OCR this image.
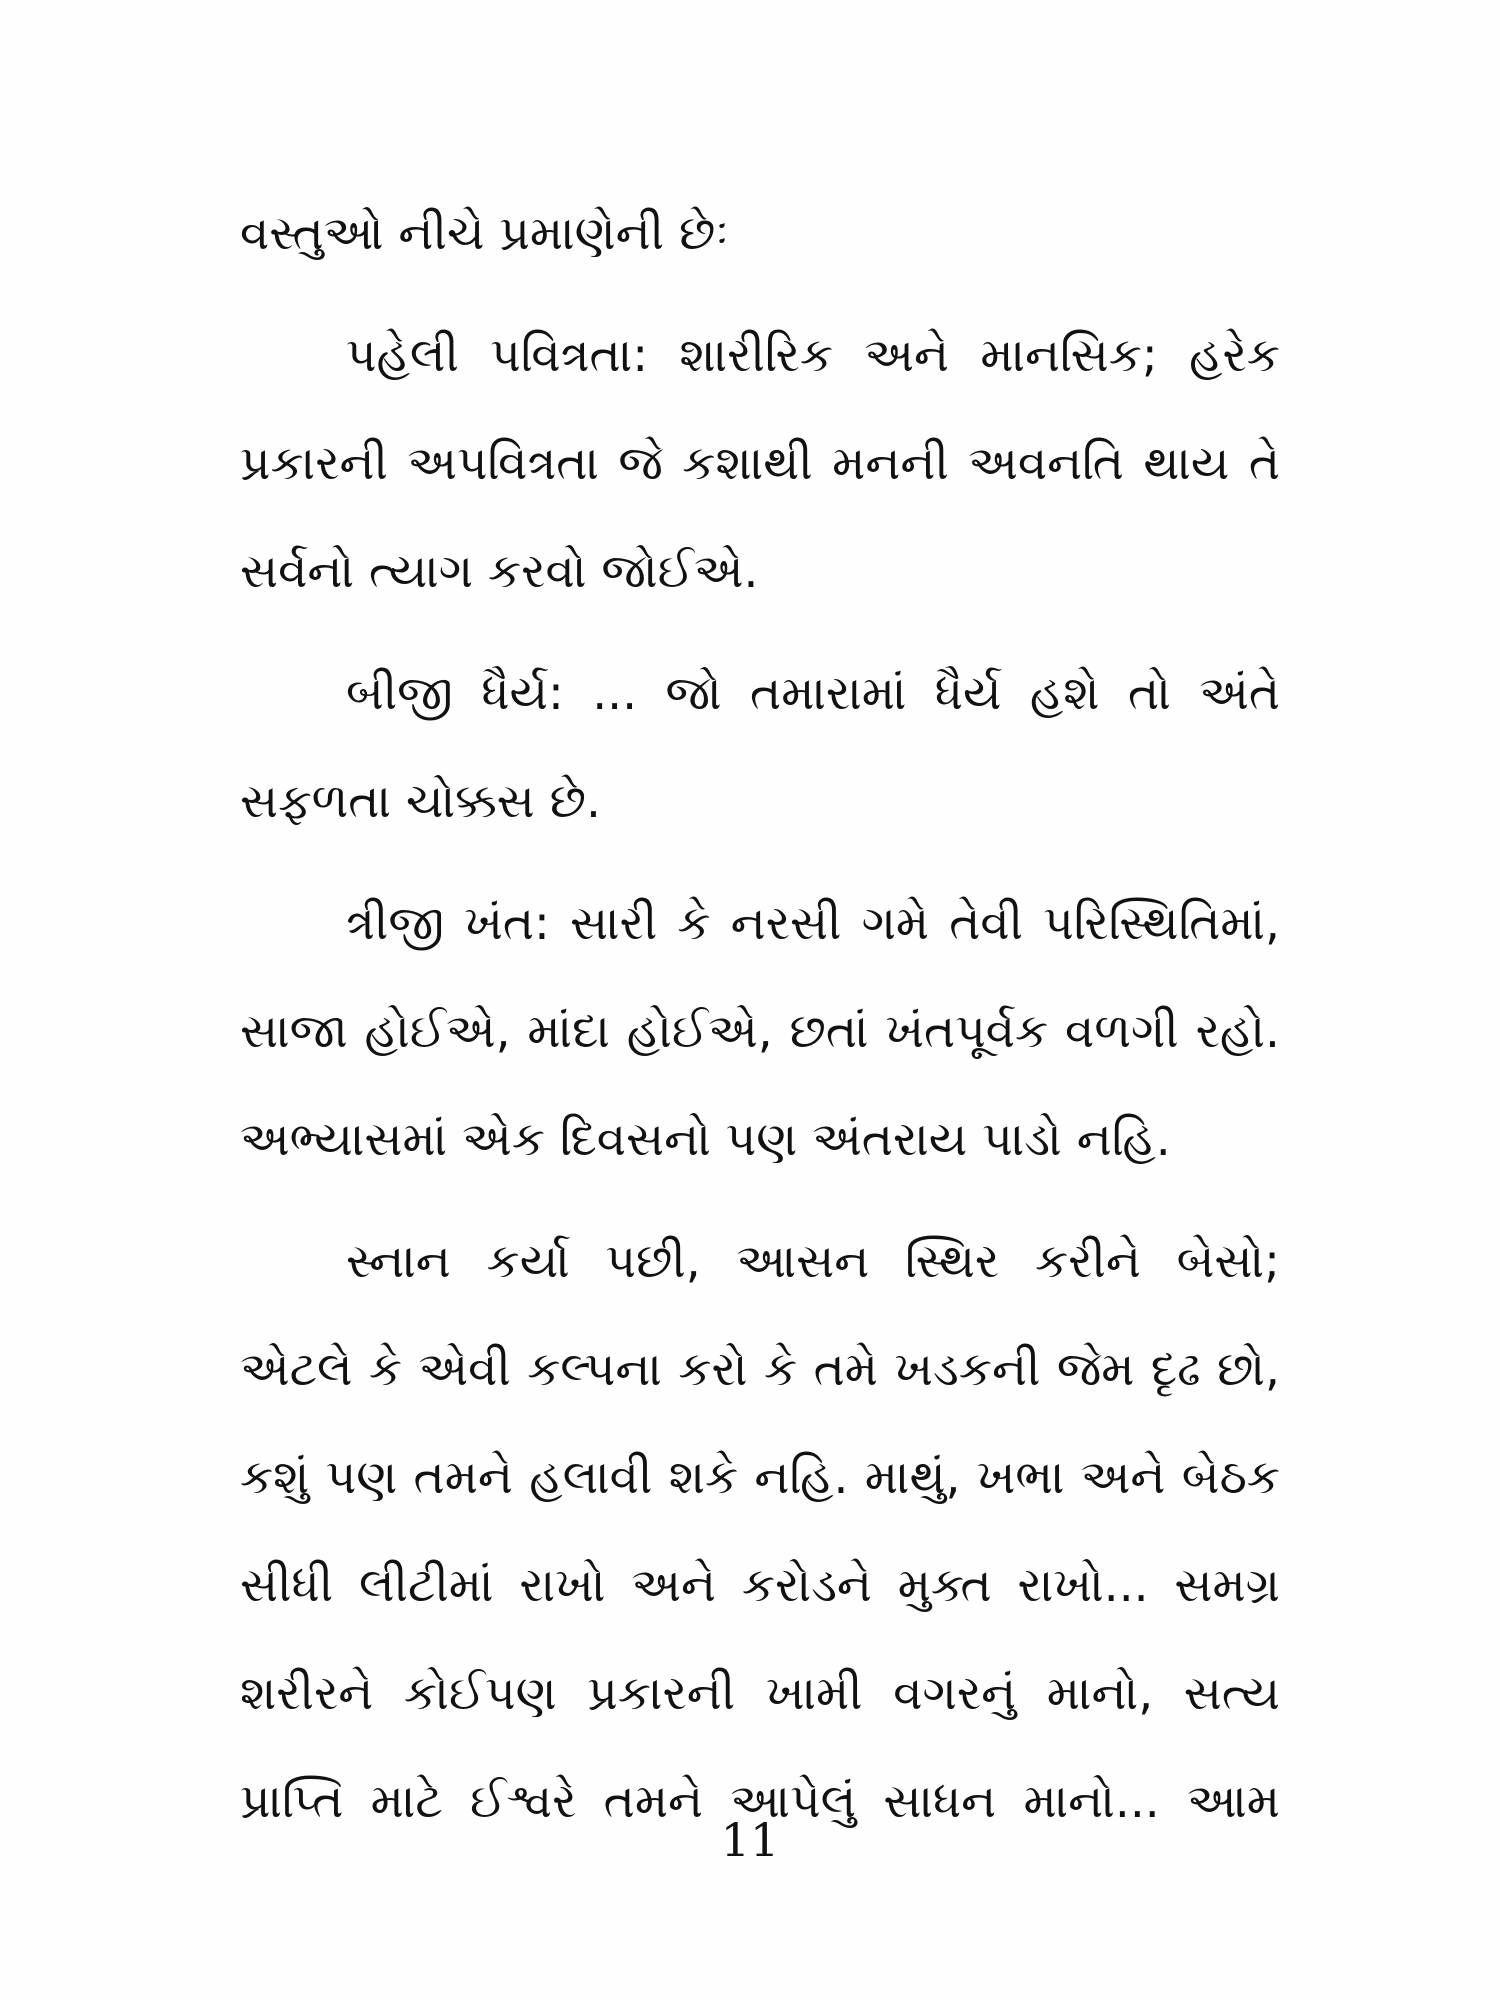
વસ્તુઓ નીચે પ્રમાણેની છેઃ

પહેલી પવિત્રતા: શારીરિક અને માનસિક; હરેક
પ્રકારની અપવિત્રતા જે કશાથી મનની અવનતિ થાય તે
સર્વનો ત્યાગ કરવો જોઈએ.

બીજી ધૈર્ય: ... જો તમારામાં ધૈર્ય હશે તો અંતે
સફળતા ચોક્કસ છે.

ત્રીજી ખંત: સારી કે નરસી ગમે તેવી પરિસ્થિતિમાં,
સાજા હોઈએ, માંદા હોઈએ, છતાં ખંતપૂર્વક વળગી રહો.
અભ્યાસમાં એક દિવસનો પણ અંતરાય પાડો નહિ.

સ્નાન કર્યા પછી, આસન સ્થિર કરીને બેસો;
એટલે કે એવી કલ્પના કરો કે તમે ખડકની જેમ દૃઢ છો,
કશું પણ તમને હલાવી શકે નહિ. માથું, ખભા અને બેઠક
સીધી લીટીમાં રાખો અને કરોડને મુક્ત રાખો... સમગ્ર
શરીરને કોઈપણ પ્રકારની ખામી વગરનું માનો, સત્ય
પ્રાપ્તિ માટે ઈશ્વરે તમને આપેલું સાધન માનો... આમ

11
